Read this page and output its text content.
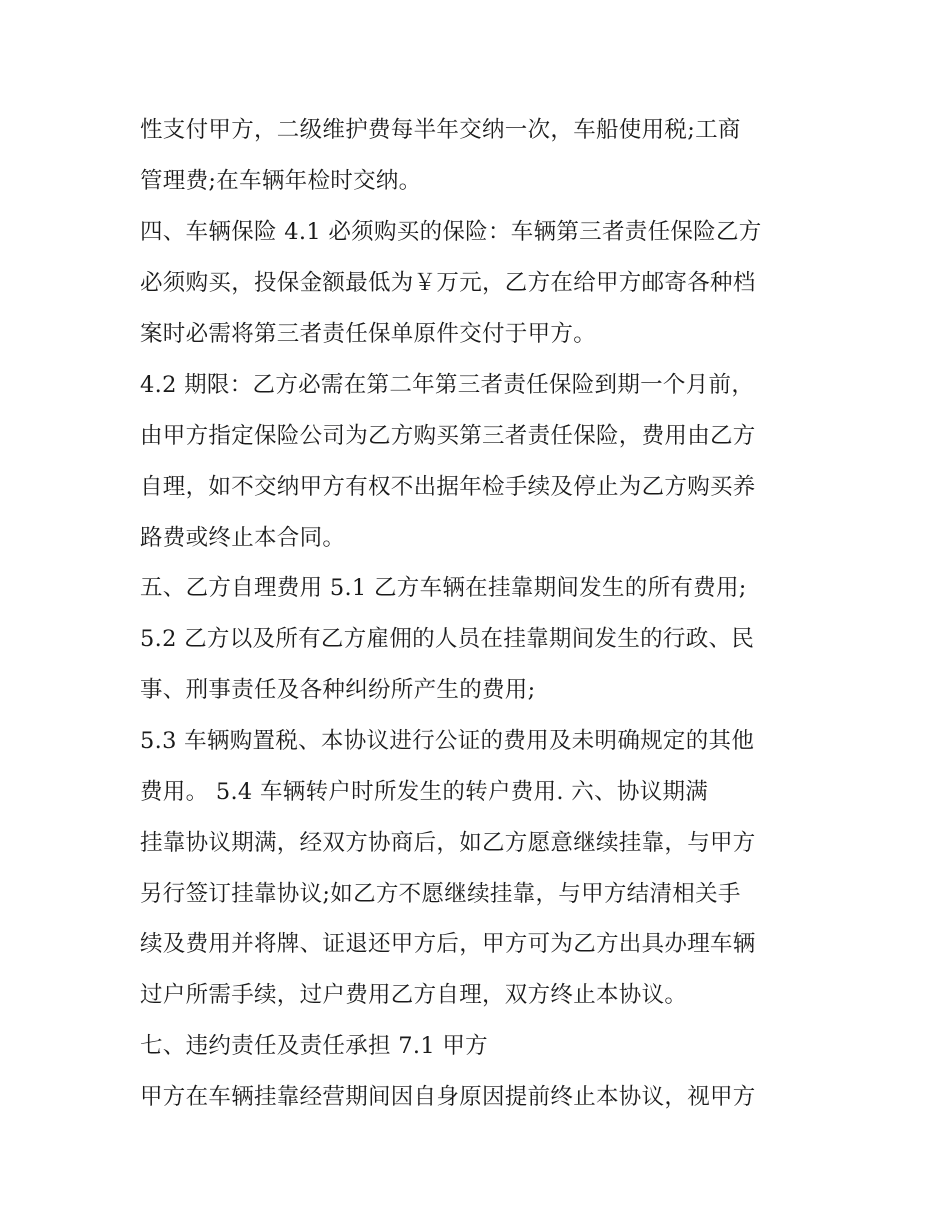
性支付甲方，二级维护费每半年交纳一次，车船使用税;工商
管理费;在车辆年检时交纳。
四、车辆保险 4.1 必须购买的保险：车辆第三者责任保险乙方
必须购买，投保金额最低为￥万元，乙方在给甲方邮寄各种档
案时必需将第三者责任保单原件交付于甲方。
4.2 期限：乙方必需在第二年第三者责任保险到期一个月前，
由甲方指定保险公司为乙方购买第三者责任保险，费用由乙方
自理，如不交纳甲方有权不出据年检手续及停止为乙方购买养
路费或终止本合同。
五、乙方自理费用 5.1 乙方车辆在挂靠期间发生的所有费用;
5.2 乙方以及所有乙方雇佣的人员在挂靠期间发生的行政、民
事、刑事责任及各种纠纷所产生的费用;
5.3 车辆购置税、本协议进行公证的费用及未明确规定的其他
费用。 5.4 车辆转户时所发生的转户费用. 六、协议期满
挂靠协议期满，经双方协商后，如乙方愿意继续挂靠，与甲方
另行签订挂靠协议;如乙方不愿继续挂靠，与甲方结清相关手
续及费用并将牌、证退还甲方后，甲方可为乙方出具办理车辆
过户所需手续，过户费用乙方自理，双方终止本协议。
七、违约责任及责任承担 7.1 甲方
甲方在车辆挂靠经营期间因自身原因提前终止本协议，视甲方
